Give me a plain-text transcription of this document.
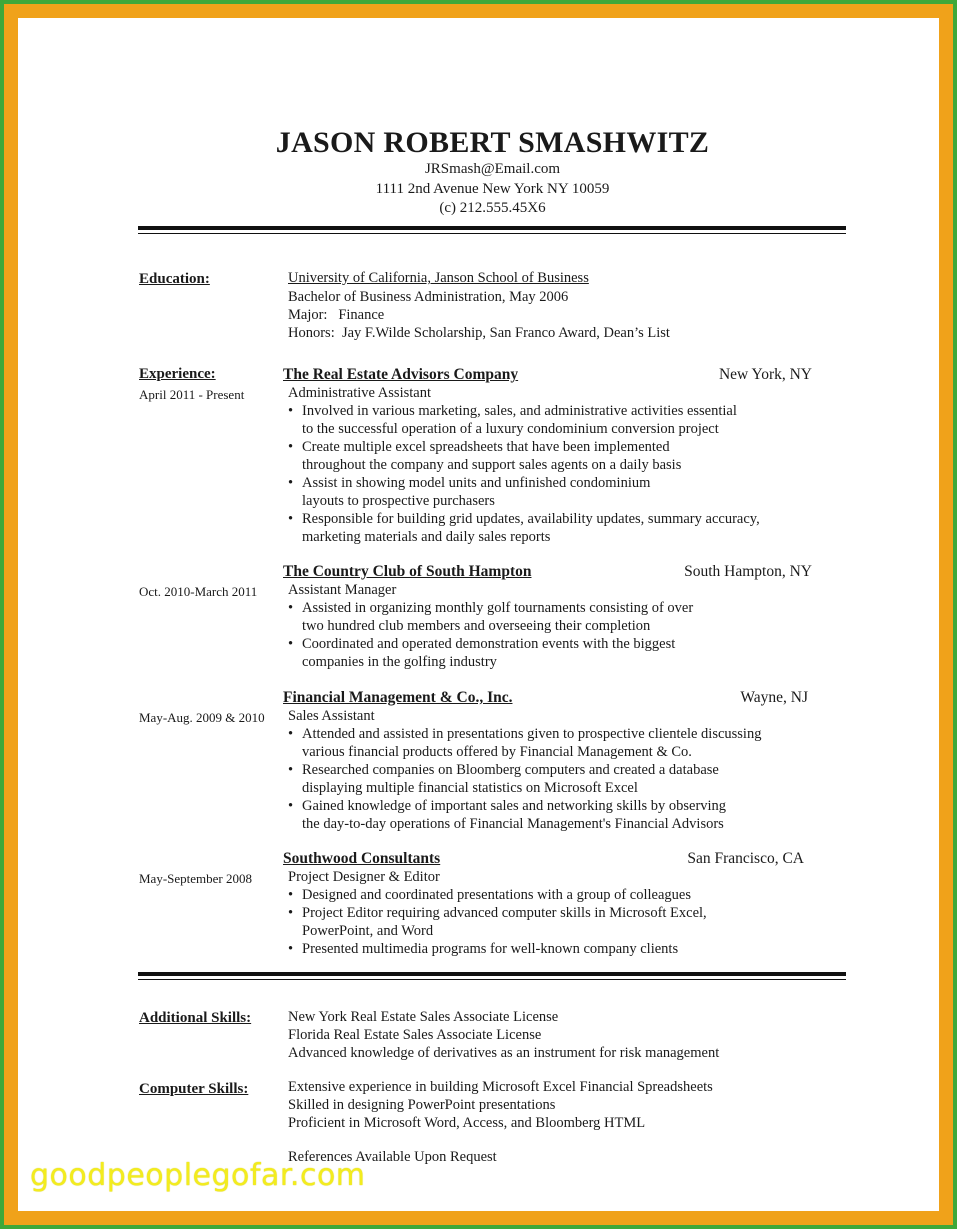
JASON ROBERT SMASHWITZ
JRSmash@Email.com
1111 2nd Avenue New York NY 10059
(c) 212.555.45X6
Education:	University of California, Janson School of Business
Bachelor of Business Administration, May 2006
Major:   Finance
Honors:  Jay F.Wilde Scholarship, San Franco Award, Dean’s List
Experience:	The Real Estate Advisors Company	New York, NY
April 2011 - Present	Administrative Assistant
• Involved in various marketing, sales, and administrative activities essential
to the successful operation of a luxury condominium conversion project
• Create multiple excel spreadsheets that have been implemented
throughout the company and support sales agents on a daily basis
• Assist in showing model units and unfinished condominium
layouts to prospective purchasers
• Responsible for building grid updates, availability updates, summary accuracy,
marketing materials and daily sales reports
The Country Club of South Hampton	South Hampton, NY
Oct. 2010-March 2011 Assistant Manager
• Assisted in organizing monthly golf tournaments consisting of over
two hundred club members and overseeing their completion
• Coordinated and operated demonstration events with the biggest
companies in the golfing industry
Financial Management & Co., Inc.	Wayne, NJ
May-Aug. 2009 & 2010 Sales Assistant
• Attended and assisted in presentations given to prospective clientele discussing
various financial products offered by Financial Management & Co.
• Researched companies on Bloomberg computers and created a database
displaying multiple financial statistics on Microsoft Excel
• Gained knowledge of important sales and networking skills by observing
the day-to-day operations of Financial Management's Financial Advisors
Southwood Consultants	San Francisco, CA
May-September 2008 Project Designer & Editor
• Designed and coordinated presentations with a group of colleagues
• Project Editor requiring advanced computer skills in Microsoft Excel,
PowerPoint, and Word
• Presented multimedia programs for well-known company clients
Additional Skills:	New York Real Estate Sales Associate License
Florida Real Estate Sales Associate License
Advanced knowledge of derivatives as an instrument for risk management
Computer Skills:	Extensive experience in building Microsoft Excel Financial Spreadsheets
Skilled in designing PowerPoint presentations
Proficient in Microsoft Word, Access, and Bloomberg HTML
References Available Upon Request
goodpeoplegofar.com
